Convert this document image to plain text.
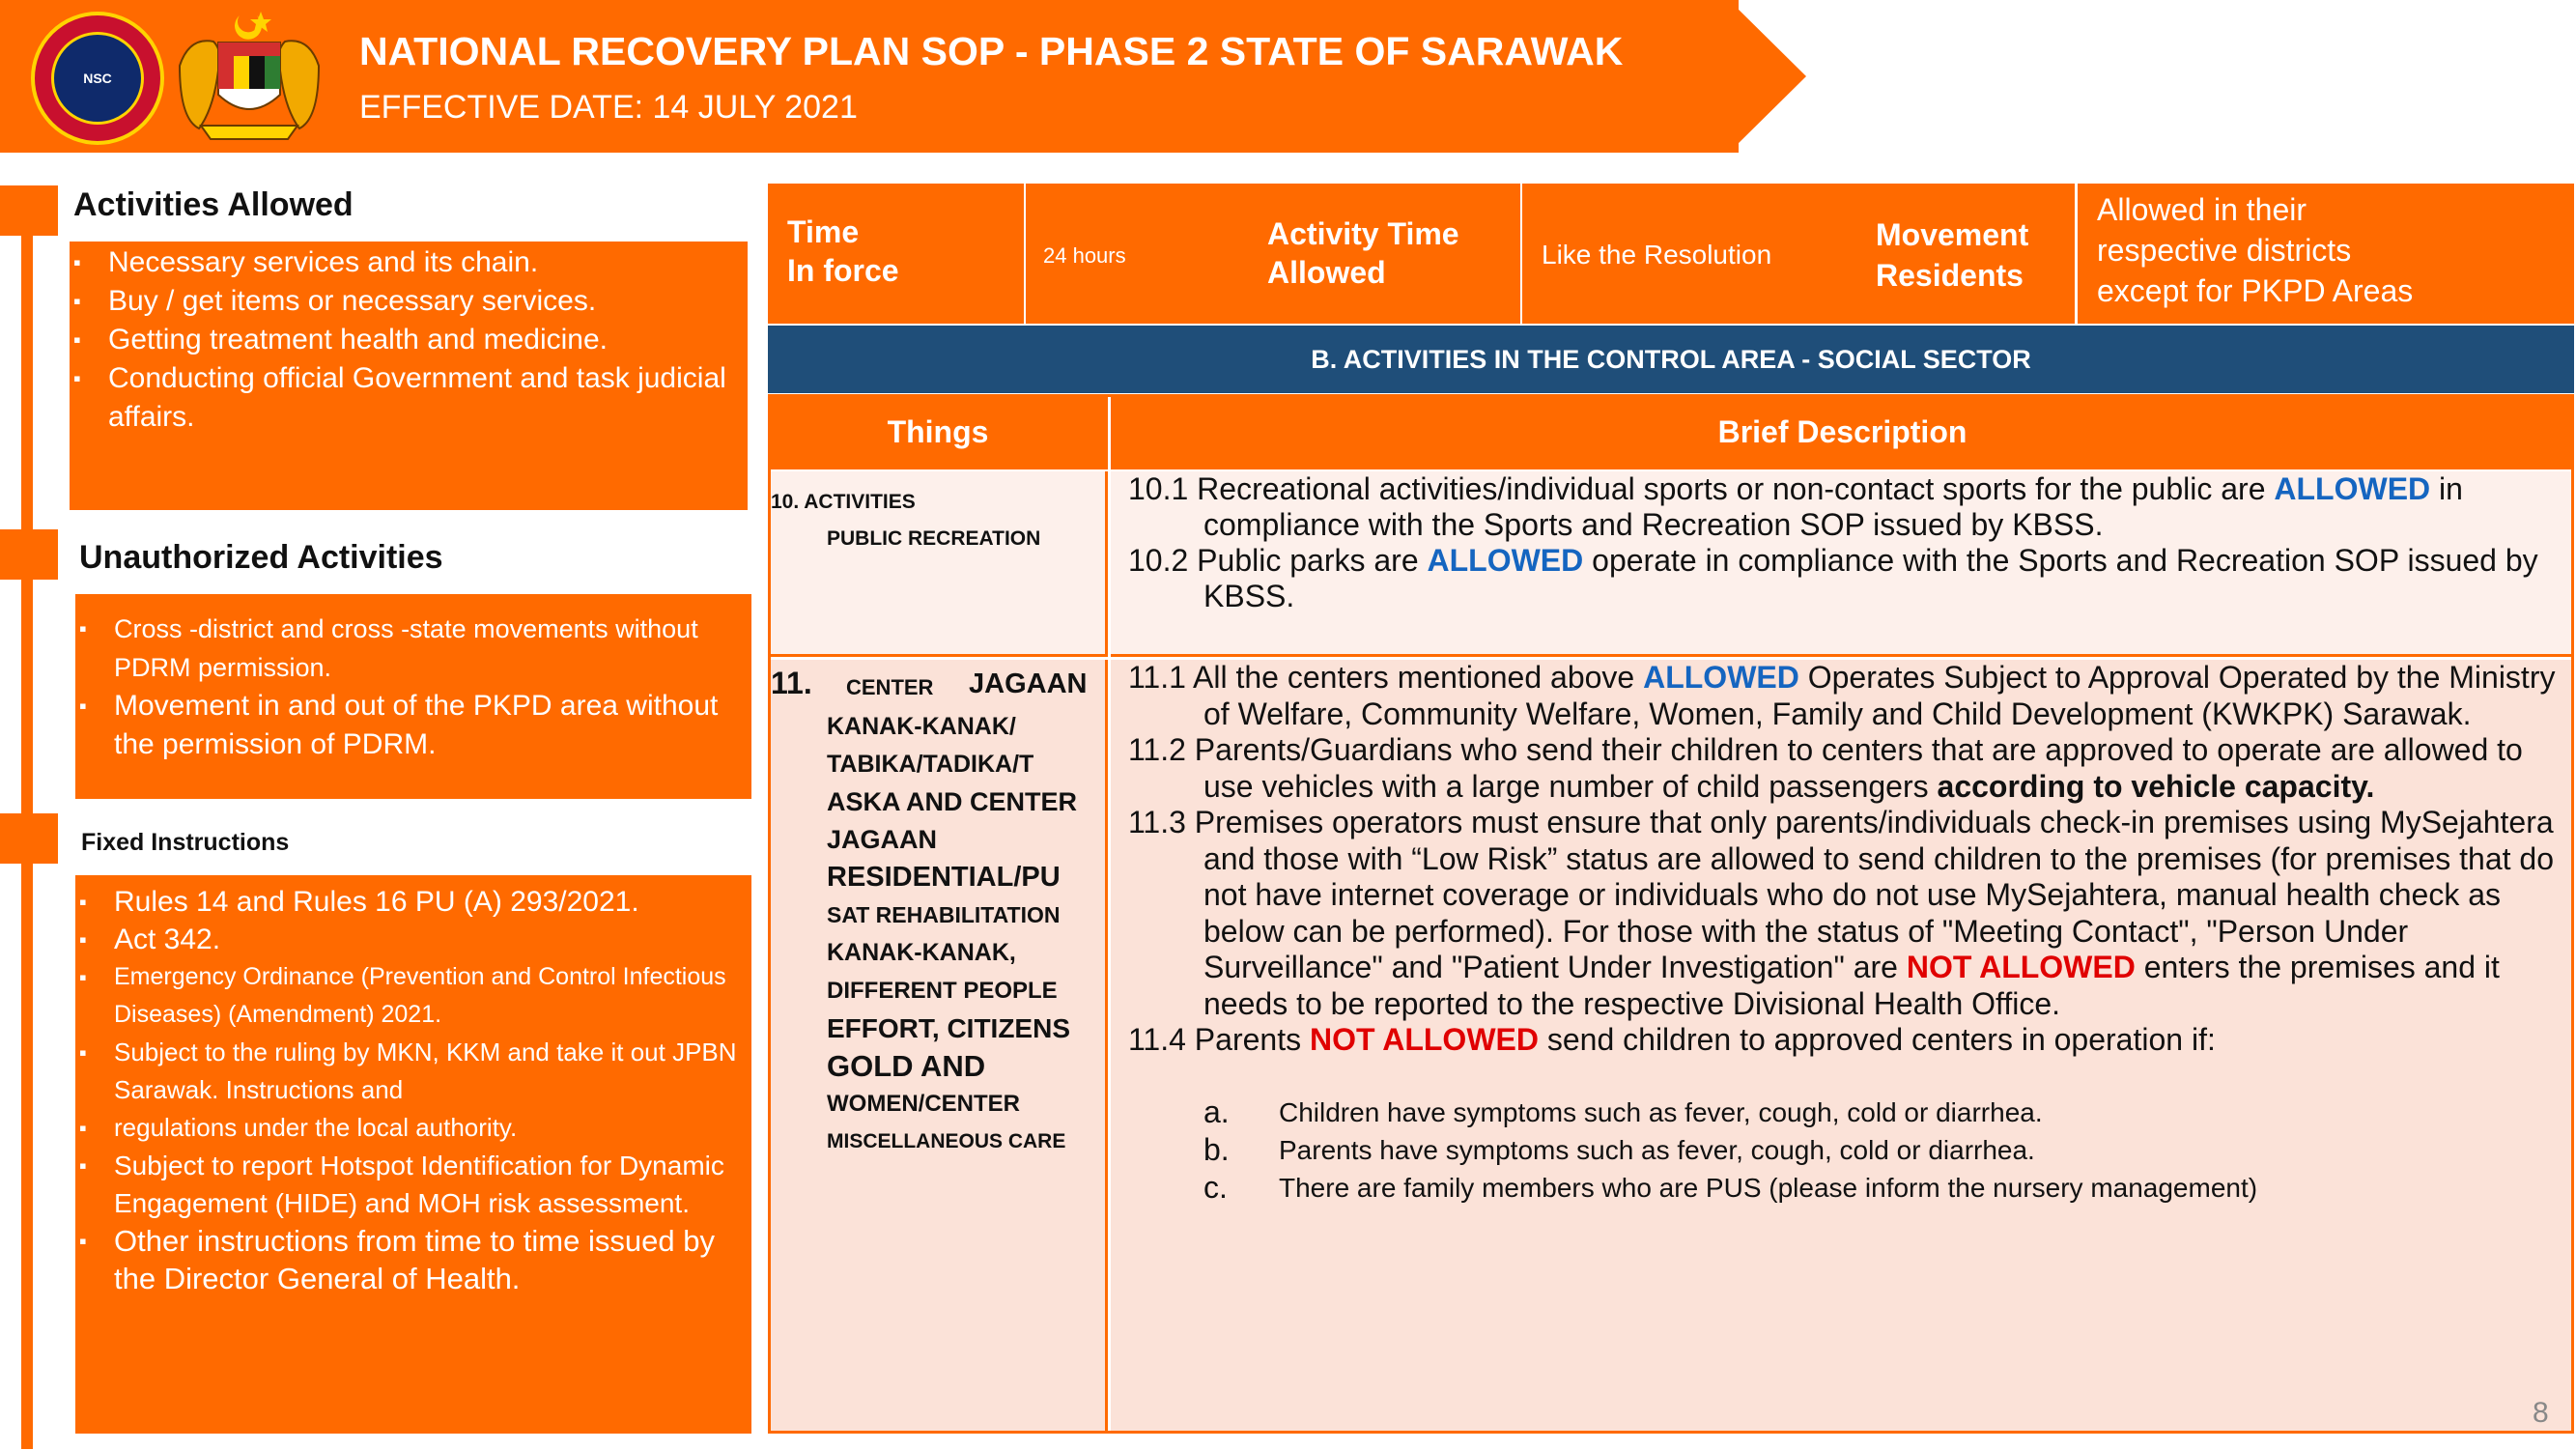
NSC
NATIONAL RECOVERY PLAN SOP - PHASE 2 STATE OF SARAWAK
EFFECTIVE DATE: 14 JULY 2021
Activities Allowed
▪ Necessary services and its chain.
▪ Buy / get items or necessary services.
▪ Getting treatment health and medicine.
▪ Conducting official Government and task judicial affairs.
Unauthorized Activities
▪ Cross -district and cross -state movements without PDRM permission.
▪ Movement in and out of the PKPD area without the permission of PDRM.
Fixed Instructions
▪ Rules 14 and Rules 16 PU (A) 293/2021.
▪ Act 342.
▪ Emergency Ordinance (Prevention and Control Infectious Diseases) (Amendment) 2021.
▪ Subject to the ruling by MKN, KKM and take it out JPBN Sarawak. Instructions and
▪ regulations under the local authority.
▪ Subject to report Hotspot Identification for Dynamic Engagement (HIDE) and MOH risk assessment.
▪ Other instructions from time to time issued by the Director General of Health.
Time
In force	24 hours
Activity Time
Allowed
Like the Resolution
Movement
Residents
Allowed in their
respective districts
except for PKPD Areas
B. ACTIVITIES IN THE CONTROL AREA - SOCIAL SECTOR
Things	Brief Description
10. ACTIVITIES
PUBLIC RECREATION

10.1 Recreational activities/individual sports or non-contact sports for the public are ALLOWED in compliance with the Sports and Recreation SOP issued by KBSS.

10.2 Public parks are ALLOWED operate in compliance with the Sports and Recreation SOP issued by KBSS.

11. CENTER JAGAAN
KANAK-KANAK/
TABIKA/TADIKA/T
ASKA AND CENTER
JAGAAN
RESIDENTIAL/PU
SAT REHABILITATION
KANAK-KANAK,
DIFFERENT PEOPLE
EFFORT, CITIZENS
GOLD AND
WOMEN/CENTER
MISCELLANEOUS CARE

11.1 All the centers mentioned above ALLOWED Operates Subject to Approval Operated by the Ministry of Welfare, Community Welfare, Women, Family and Child Development (KWKPK) Sarawak.

11.2 Parents/Guardians who send their children to centers that are approved to operate are allowed to use vehicles with a large number of child passengers according to vehicle capacity.

11.3 Premises operators must ensure that only parents/individuals check-in premises using MySejahtera and those with “Low Risk” status are allowed to send children to the premises (for premises that do not have internet coverage or individuals who do not use MySejahtera, manual health check as below can be performed). For those with the status of "Meeting Contact", "Person Under Surveillance" and "Patient Under Investigation" are NOT ALLOWED enters the premises and it needs to be reported to the respective Divisional Health Office.

11.4 Parents NOT ALLOWED send children to approved centers in operation if:

a.	Children have symptoms such as fever, cough, cold or diarrhea.
b.	Parents have symptoms such as fever, cough, cold or diarrhea.
c.	There are family members who are PUS (please inform the nursery management)
8
